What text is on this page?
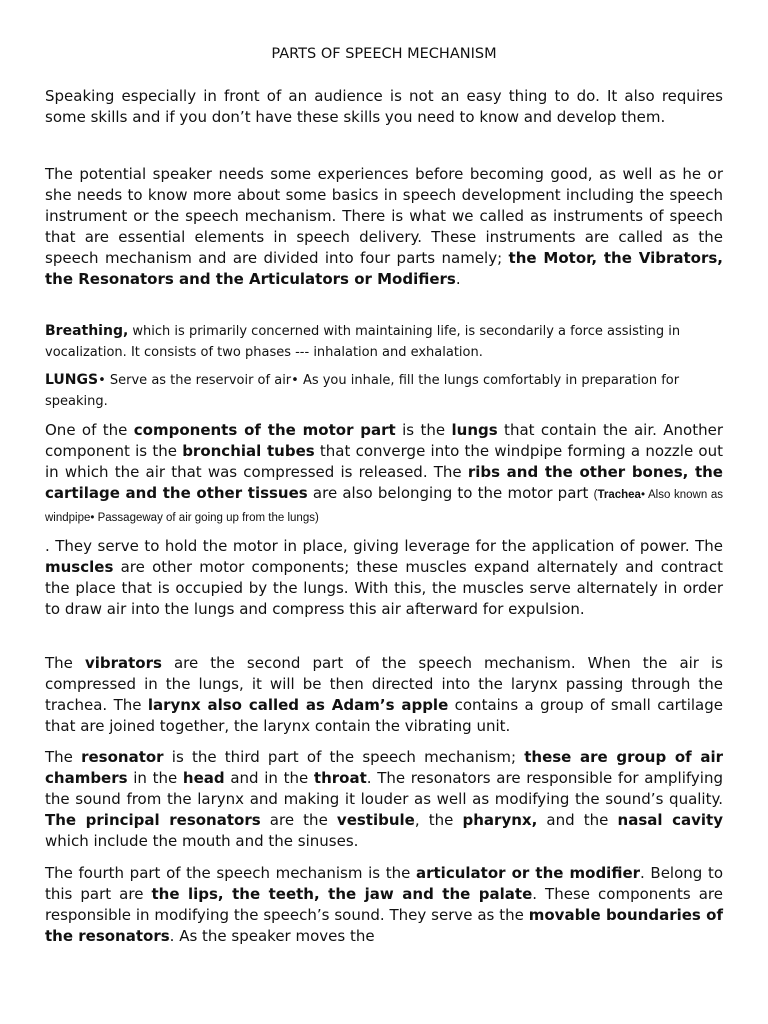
PARTS OF SPEECH MECHANISM

Speaking especially in front of an audience is not an easy thing to do. It also requires some skills and if you don’t have these skills you need to know and develop them.

The potential speaker needs some experiences before becoming good, as well as he or she needs to know more about some basics in speech development including the speech instrument or the speech mechanism. There is what we called as instruments of speech that are essential elements in speech delivery. These instruments are called as the speech mechanism and are divided into four parts namely; the Motor, the Vibrators, the Resonators and the Articulators or Modifiers.

Breathing, which is primarily concerned with maintaining life, is secondarily a force assisting in vocalization. It consists of two phases --- inhalation and exhalation.

LUNGS• Serve as the reservoir of air• As you inhale, fill the lungs comfortably in preparation for speaking.

One of the components of the motor part is the lungs that contain the air. Another component is the bronchial tubes that converge into the windpipe forming a nozzle out in which the air that was compressed is released. The ribs and the other bones, the cartilage and the other tissues are also belonging to the motor part (Trachea• Also known as windpipe• Passageway of air going up from the lungs)

. They serve to hold the motor in place, giving leverage for the application of power. The muscles are other motor components; these muscles expand alternately and contract the place that is occupied by the lungs. With this, the muscles serve alternately in order to draw air into the lungs and compress this air afterward for expulsion.

The vibrators are the second part of the speech mechanism. When the air is compressed in the lungs, it will be then directed into the larynx passing through the trachea. The larynx also called as Adam’s apple contains a group of small cartilage that are joined together, the larynx contain the vibrating unit.

The resonator is the third part of the speech mechanism; these are group of air chambers in the head and in the throat. The resonators are responsible for amplifying the sound from the larynx and making it louder as well as modifying the sound’s quality. The principal resonators are the vestibule, the pharynx, and the nasal cavity which include the mouth and the sinuses.

The fourth part of the speech mechanism is the articulator or the modifier. Belong to this part are the lips, the teeth, the jaw and the palate. These components are responsible in modifying the speech’s sound. They serve as the movable boundaries of the resonators. As the speaker moves the
